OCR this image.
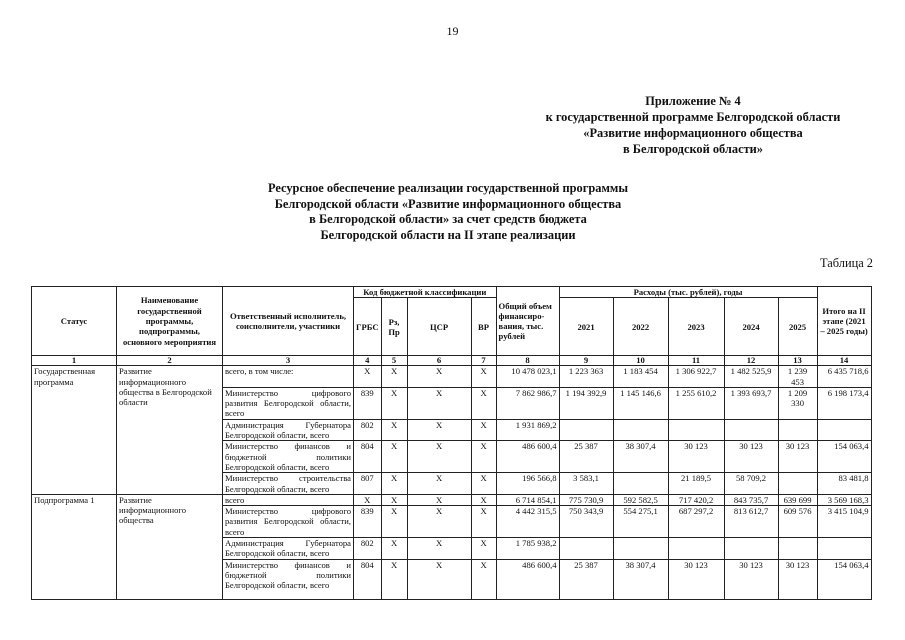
19
Приложение № 4
к государственной программе Белгородской области
«Развитие информационного общества
в Белгородской области»
Ресурсное обеспечение реализации государственной программы
Белгородской области «Развитие информационного общества
в Белгородской области» за счет средств бюджета
Белгородской области на II этапе реализации
Таблица 2
Статус	Наименование государственной программы, подпрограммы, основного мероприятия	Ответственный исполнитель, соисполнители, участники	Код бюджетной классификации				Общий объем финансиро-вания, тыс. рублей	Расходы (тыс. рублей), годы					Итого на II этапе (2021 – 2025 годы)
			ГРБС	Рз, Пр	ЦСР	ВР		2021	2022	2023	2024	2025	
1	2	3	4	5	6	7	8	9	10	11	12	13	14
Государственная программа	Развитие информационного общества в Белгородской области	всего, в том числе:	Х	Х	Х	Х	10 478 023,1	1 223 363	1 183 454	1 306 922,7	1 482 525,9	1 239 453	6 435 718,6
		Министерство цифрового развития Белгородской области, всего	839	Х	Х	Х	7 862 986,7	1 194 392,9	1 145 146,6	1 255 610,2	1 393 693,7	1 209 330	6 198 173,4
		Администрация Губернатора Белгородской области, всего	802	Х	Х	Х	1 931 869,2						
		Министерство финансов и бюджетной политики Белгородской области, всего	804	Х	Х	Х	486 600,4	25 387	38 307,4	30 123	30 123	30 123	154 063,4
		Министерство строительства Белгородской области, всего	807	Х	Х	Х	196 566,8	3 583,1		21 189,5	58 709,2		83 481,8
Подпрограмма 1	Развитие информационного общества	всего	Х	Х	Х	Х	6 714 854,1	775 730,9	592 582,5	717 420,2	843 735,7	639 699	3 569 168,3
		Министерство цифрового развития Белгородской области, всего	839	Х	Х	Х	4 442 315,5	750 343,9	554 275,1	687 297,2	813 612,7	609 576	3 415 104,9
		Администрация Губернатора Белгородской области, всего	802	Х	Х	Х	1 785 938,2						
		Министерство финансов и бюджетной политики Белгородской области, всего	804	Х	Х	Х	486 600,4	25 387	38 307,4	30 123	30 123	30 123	154 063,4
